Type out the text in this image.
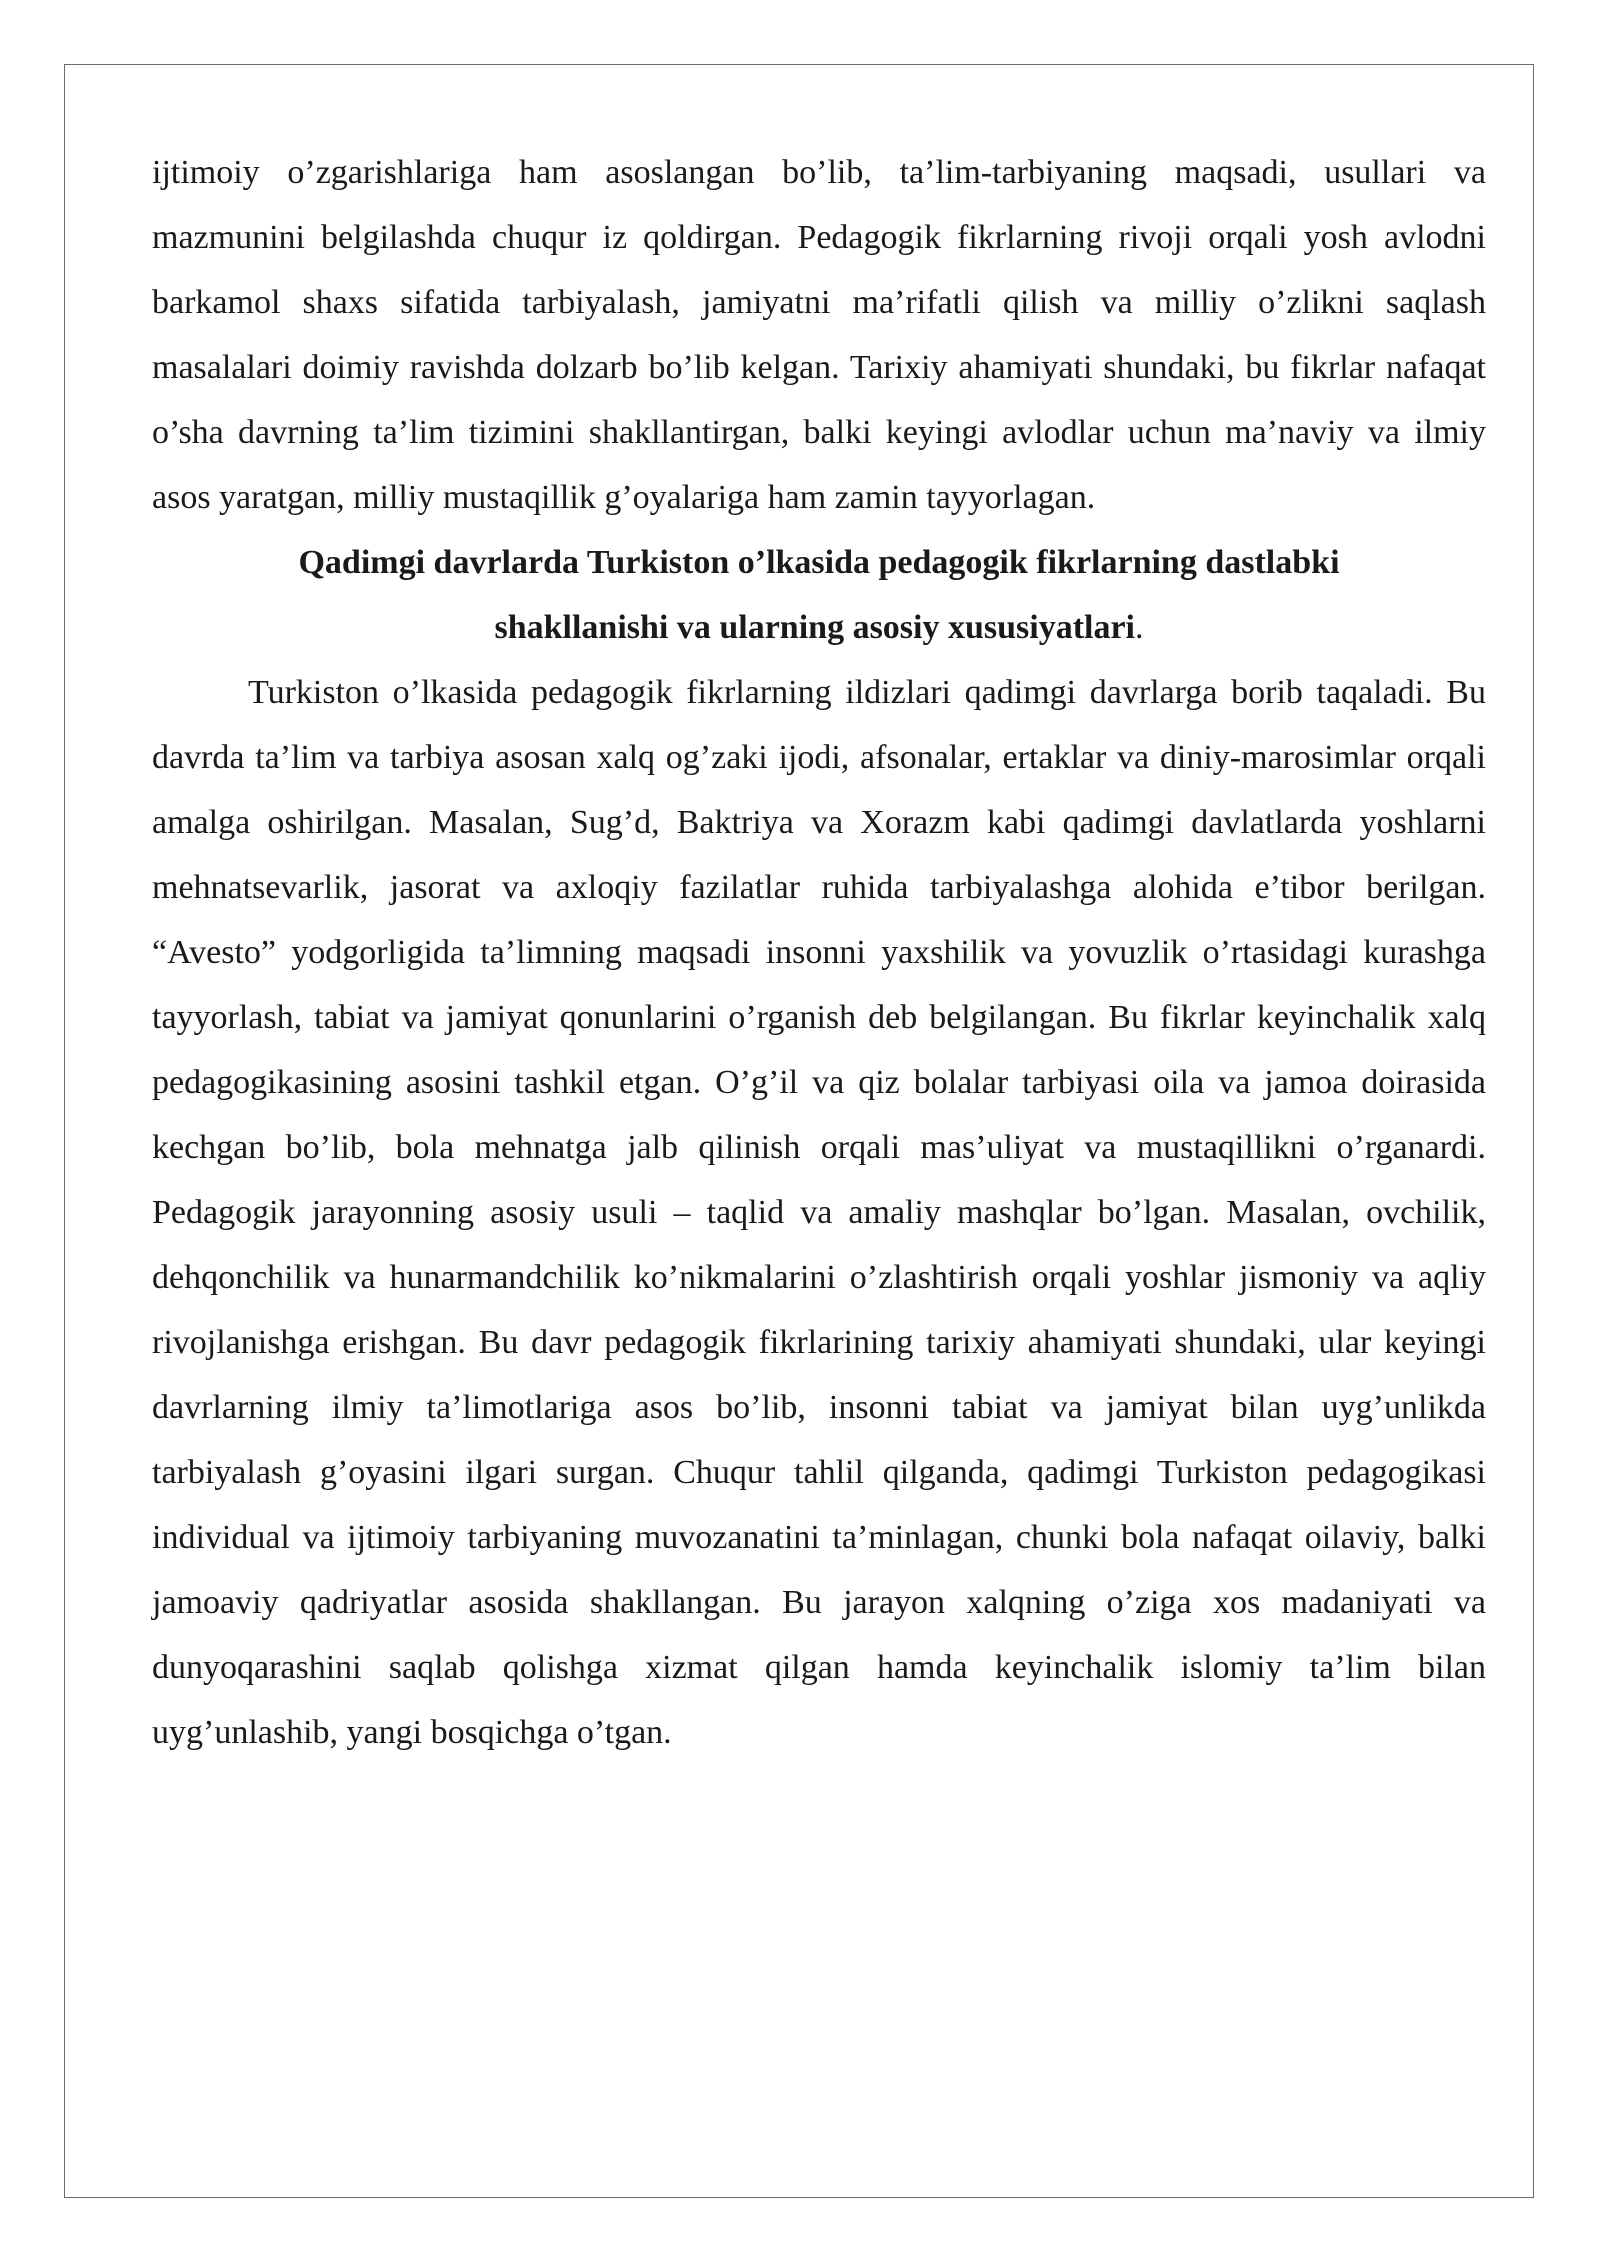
ijtimoiy o’zgarishlariga ham asoslangan bo’lib, ta’lim-tarbiyaning maqsadi, usullari va mazmunini belgilashda chuqur iz qoldirgan. Pedagogik fikrlarning rivoji orqali yosh avlodni barkamol shaxs sifatida tarbiyalash, jamiyatni ma’rifatli qilish va milliy o’zlikni saqlash masalalari doimiy ravishda dolzarb bo’lib kelgan. Tarixiy ahamiyati shundaki, bu fikrlar nafaqat o’sha davrning ta’lim tizimini shakllantirgan, balki keyingi avlodlar uchun ma’naviy va ilmiy asos yaratgan, milliy mustaqillik g’oyalariga ham zamin tayyorlagan.

Qadimgi davrlarda Turkiston o’lkasida pedagogik fikrlarning dastlabki shakllanishi va ularning asosiy xususiyatlari.

Turkiston o’lkasida pedagogik fikrlarning ildizlari qadimgi davrlarga borib taqaladi. Bu davrda ta’lim va tarbiya asosan xalq og’zaki ijodi, afsonalar, ertaklar va diniy-marosimlar orqali amalga oshirilgan. Masalan, Sug’d, Baktriya va Xorazm kabi qadimgi davlatlarda yoshlarni mehnatsevarlik, jasorat va axloqiy fazilatlar ruhida tarbiyalashga alohida e’tibor berilgan. “Avesto” yodgorligida ta’limning maqsadi insonni yaxshilik va yovuzlik o’rtasidagi kurashga tayyorlash, tabiat va jamiyat qonunlarini o’rganish deb belgilangan. Bu fikrlar keyinchalik xalq pedagogikasining asosini tashkil etgan. O’g’il va qiz bolalar tarbiyasi oila va jamoa doirasida kechgan bo’lib, bola mehnatga jalb qilinish orqali mas’uliyat va mustaqillikni o’rganardi. Pedagogik jarayonning asosiy usuli – taqlid va amaliy mashqlar bo’lgan. Masalan, ovchilik, dehqonchilik va hunarmandchilik ko’nikmalarini o’zlashtirish orqali yoshlar jismoniy va aqliy rivojlanishga erishgan. Bu davr pedagogik fikrlarining tarixiy ahamiyati shundaki, ular keyingi davrlarning ilmiy ta’limotlariga asos bo’lib, insonni tabiat va jamiyat bilan uyg’unlikda tarbiyalash g’oyasini ilgari surgan. Chuqur tahlil qilganda, qadimgi Turkiston pedagogikasi individual va ijtimoiy tarbiyaning muvozanatini ta’minlagan, chunki bola nafaqat oilaviy, balki jamoaviy qadriyatlar asosida shakllangan. Bu jarayon xalqning o’ziga xos madaniyati va dunyoqarashini saqlab qolishga xizmat qilgan hamda keyinchalik islomiy ta’lim bilan uyg’unlashib, yangi bosqichga o’tgan.
